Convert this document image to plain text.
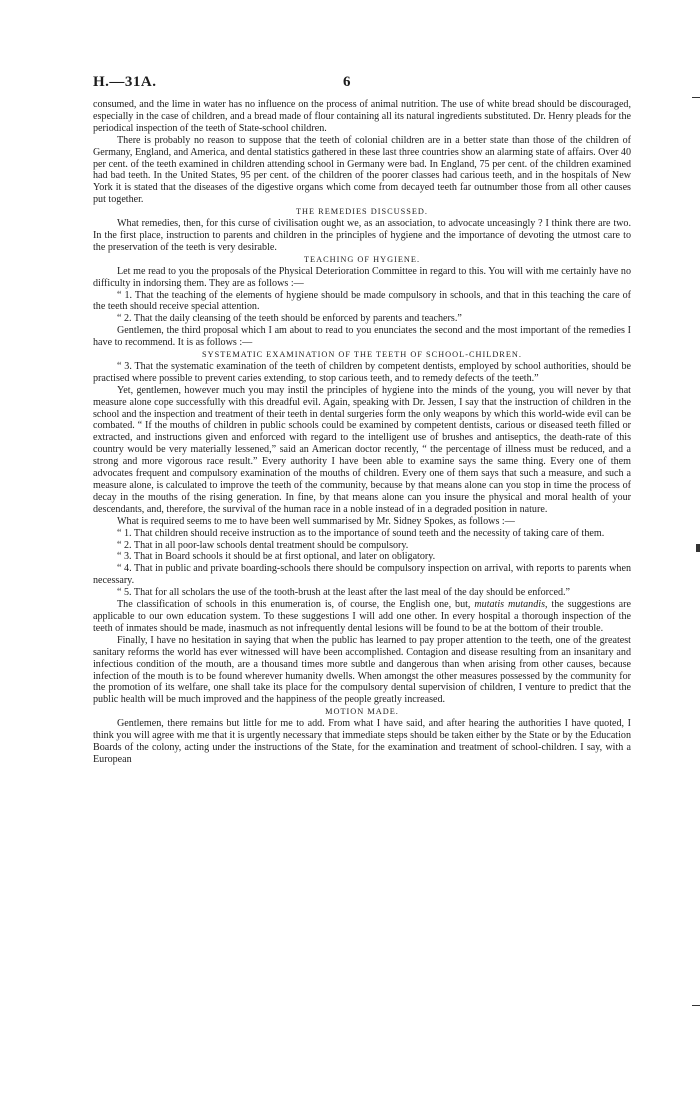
H.—31A.	6

consumed, and the lime in water has no influence on the process of animal nutrition. The use of white bread should be discouraged, especially in the case of children, and a bread made of flour containing all its natural ingredients substituted. Dr. Henry pleads for the periodical inspection of the teeth of State-school children.

There is probably no reason to suppose that the teeth of colonial children are in a better state than those of the children of Germany, England, and America, and dental statistics gathered in these last three countries show an alarming state of affairs. Over 40 per cent. of the teeth examined in children attending school in Germany were bad. In England, 75 per cent. of the children examined had bad teeth. In the United States, 95 per cent. of the children of the poorer classes had carious teeth, and in the hospitals of New York it is stated that the diseases of the digestive organs which come from decayed teeth far outnumber those from all other causes put together.

THE REMEDIES DISCUSSED.

What remedies, then, for this curse of civilisation ought we, as an association, to advocate unceasingly ? I think there are two. In the first place, instruction to parents and children in the principles of hygiene and the importance of devoting the utmost care to the preservation of the teeth is very desirable.

TEACHING OF HYGIENE.

Let me read to you the proposals of the Physical Deterioration Committee in regard to this. You will with me certainly have no difficulty in indorsing them. They are as follows :—

“ 1. That the teaching of the elements of hygiene should be made compulsory in schools, and that in this teaching the care of the teeth should receive special attention.

“ 2. That the daily cleansing of the teeth should be enforced by parents and teachers.”

Gentlemen, the third proposal which I am about to read to you enunciates the second and the most important of the remedies I have to recommend. It is as follows :—

SYSTEMATIC EXAMINATION OF THE TEETH OF SCHOOL-CHILDREN.

“ 3. That the systematic examination of the teeth of children by competent dentists, employed by school authorities, should be practised where possible to prevent caries extending, to stop carious teeth, and to remedy defects of the teeth.”

Yet, gentlemen, however much you may instil the principles of hygiene into the minds of the young, you will never by that measure alone cope successfully with this dreadful evil. Again, speaking with Dr. Jessen, I say that the instruction of children in the school and the inspection and treatment of their teeth in dental surgeries form the only weapons by which this world-wide evil can be combated. “ If the mouths of children in public schools could be examined by competent dentists, carious or diseased teeth filled or extracted, and instructions given and enforced with regard to the intelligent use of brushes and antiseptics, the death-rate of this country would be very materially lessened,” said an American doctor recently, “ the percentage of illness must be reduced, and a strong and more vigorous race result.” Every authority I have been able to examine says the same thing. Every one of them advocates frequent and compulsory examination of the mouths of children. Every one of them says that such a measure, and such a measure alone, is calculated to improve the teeth of the community, because by that means alone can you stop in time the process of decay in the mouths of the rising generation. In fine, by that means alone can you insure the physical and moral health of your descendants, and, therefore, the survival of the human race in a noble instead of in a degraded position in nature.

What is required seems to me to have been well summarised by Mr. Sidney Spokes, as follows :—

“ 1. That children should receive instruction as to the importance of sound teeth and the necessity of taking care of them.

“ 2. That in all poor-law schools dental treatment should be compulsory.

“ 3. That in Board schools it should be at first optional, and later on obligatory.

“ 4. That in public and private boarding-schools there should be compulsory inspection on arrival, with reports to parents when necessary.

“ 5. That for all scholars the use of the tooth-brush at the least after the last meal of the day should be enforced.”

The classification of schools in this enumeration is, of course, the English one, but, mutatis mutandis, the suggestions are applicable to our own education system. To these suggestions I will add one other. In every hospital a thorough inspection of the teeth of inmates should be made, inasmuch as not infrequently dental lesions will be found to be at the bottom of their trouble.

Finally, I have no hesitation in saying that when the public has learned to pay proper attention to the teeth, one of the greatest sanitary reforms the world has ever witnessed will have been accomplished. Contagion and disease resulting from an insanitary and infectious condition of the mouth, are a thousand times more subtle and dangerous than when arising from other causes, because infection of the mouth is to be found wherever humanity dwells. When amongst the other measures possessed by the community for the promotion of its welfare, one shall take its place for the compulsory dental supervision of children, I venture to predict that the public health will be much improved and the happiness of the people greatly increased.

MOTION MADE.

Gentlemen, there remains but little for me to add. From what I have said, and after hearing the authorities I have quoted, I think you will agree with me that it is urgently necessary that immediate steps should be taken either by the State or by the Education Boards of the colony, acting under the instructions of the State, for the examination and treatment of school-children. I say, with a European
